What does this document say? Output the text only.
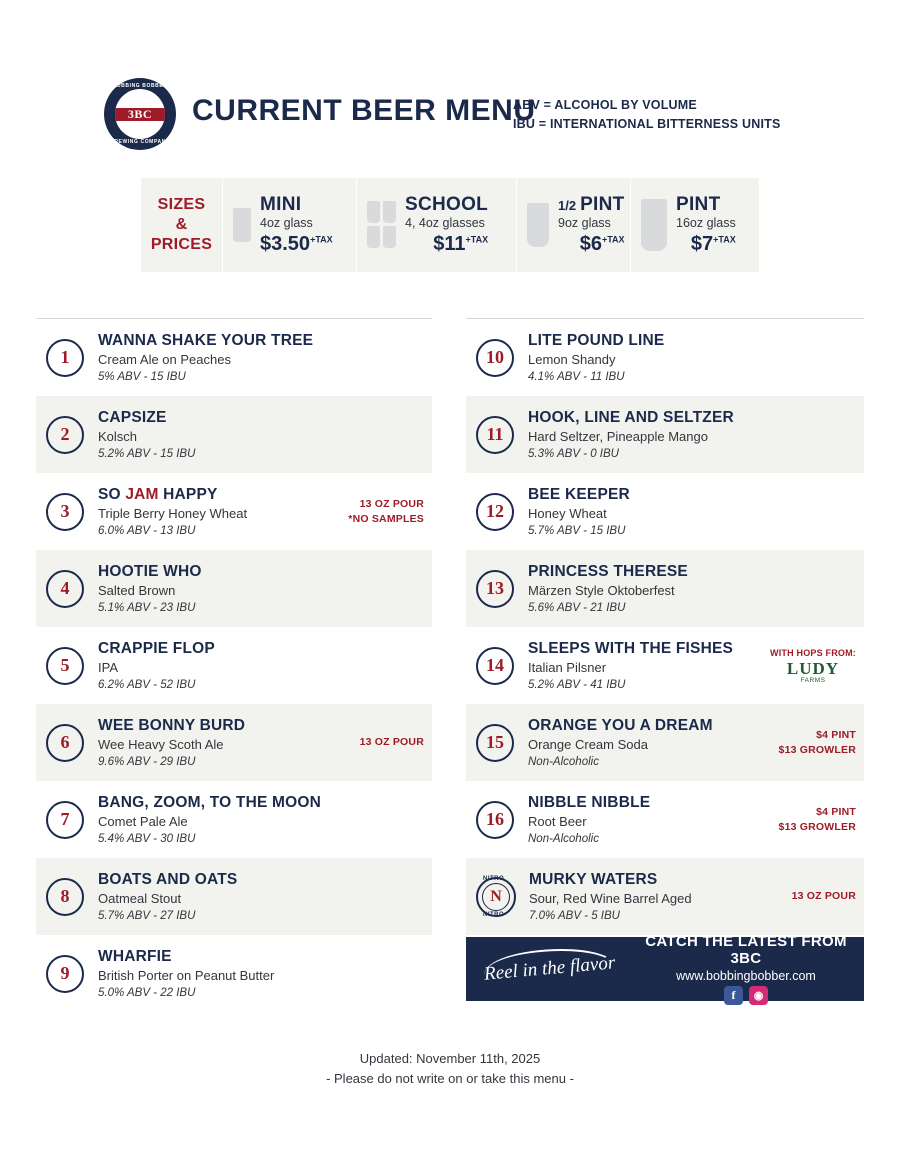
BOBBING BOBBER
BREWING COMPANY
3BC CURRENT BEER MENU
ABV = ALCOHOL BY VOLUME
IBU = INTERNATIONAL BITTERNESS UNITS
SIZES
&
PRICES
MINI
4oz glass
$\$3.50^{+TAX}$
SCHOOL
4, 4oz glasses
$\$11^{+TAX}$
1/2 PINT
9oz glass
$\$6^{+TAX}$
PINT
16oz glass
$\$7^{+TAX}$
1
WANNA SHAKE YOUR TREE
Cream Ale on Peaches
5% ABV - 15 IBU
2
CAPSIZE
Kolsch
5.2% ABV - 15 IBU
3
SO JAM HAPPY
Triple Berry Honey Wheat
6.0% ABV - 13 IBU
13 OZ POUR
*NO SAMPLES
4
HOOTIE WHO
Salted Brown
5.1% ABV - 23 IBU
5
CRAPPIE FLOP
IPA
6.2% ABV - 52 IBU
6
WEE BONNY BURD
Wee Heavy Scoth Ale
9.6% ABV - 29 IBU
13 OZ POUR
7
BANG, ZOOM, TO THE MOON
Comet Pale Ale
5.4% ABV - 30 IBU
8
BOATS AND OATS
Oatmeal Stout
5.7% ABV - 27 IBU
9
WHARFIE
British Porter on Peanut Butter
5.0% ABV - 22 IBU
10
LITE POUND LINE
Lemon Shandy
4.1% ABV - 11 IBU
11
HOOK, LINE AND SELTZER
Hard Seltzer, Pineapple Mango
5.3% ABV - 0 IBU
12
BEE KEEPER
Honey Wheat
5.7% ABV - 15 IBU
13
PRINCESS THERESE
Märzen Style Oktoberfest
5.6% ABV - 21 IBU
14
SLEEPS WITH THE FISHES
Italian Pilsner
5.2% ABV - 41 IBU
WITH HOPS FROM:
LUDY
FARMS
15
ORANGE YOU A DREAM
Orange Cream Soda
Non-Alcoholic
$4 PINT
$13 GROWLER
16
NIBBLE NIBBLE
Root Beer
Non-Alcoholic
$4 PINT
$13 GROWLER
NITRO
NITRO
N
MURKY WATERS
Sour, Red Wine Barrel Aged
7.0% ABV - 5 IBU
13 OZ POUR
Reel in the flavor
CATCH THE LATEST FROM 3BC
www.bobbingbobber.com
f	◉
Updated: November 11th, 2025
- Please do not write on or take this menu -
